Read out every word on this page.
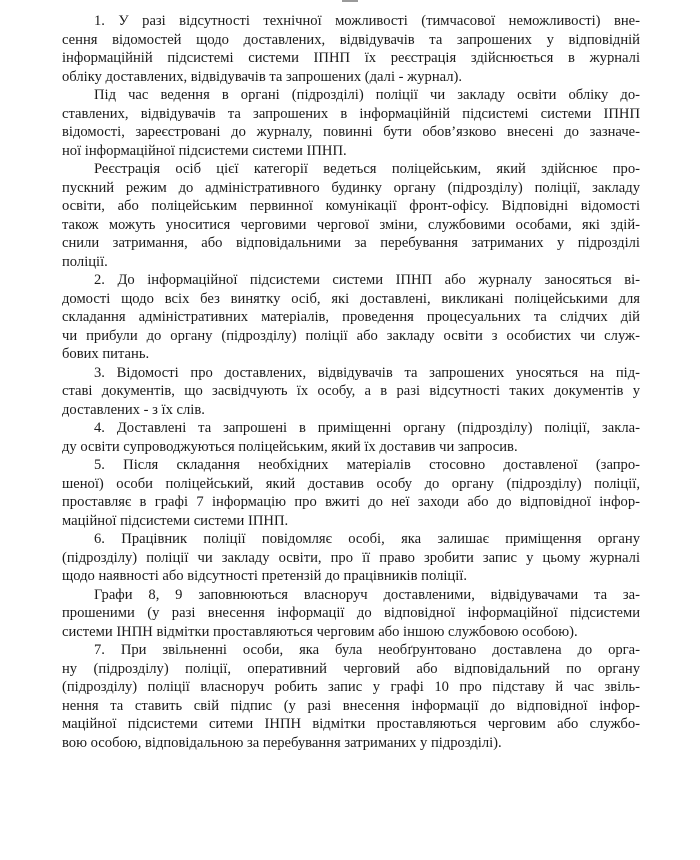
1. У разі відсутності технічної можливості (тимчасової неможливості) вне-
сення відомостей щодо доставлених, відвідувачів та запрошених у відповідній
інформаційній підсистемі системи ІПНП їх реєстрація здійснюється в журналі
обліку доставлених, відвідувачів та запрошених (далі - журнал).
Під час ведення в органі (підрозділі) поліції чи закладу освіти обліку до-
ставлених, відвідувачів та запрошених в інформаційній підсистемі системи ІПНП
відомості, зареєстровані до журналу, повинні бути обов’язково внесені до зазначе-
ної інформаційної підсистеми системи ІПНП.
Реєстрація осіб цієї категорії ведеться поліцейським, який здійснює про-
пускний режим до адміністративного будинку органу (підрозділу) поліції, закладу
освіти, або поліцейським первинної комунікації фронт-офісу. Відповідні відомості
також можуть уноситися черговими чергової зміни, службовими особами, які здій-
снили затримання, або відповідальними за перебування затриманих у підрозділі
поліції.
2. До інформаційної підсистеми системи ІПНП або журналу заносяться ві-
домості щодо всіх без винятку осіб, які доставлені, викликані поліцейськими для
складання адміністративних матеріалів, проведення процесуальних та слідчих дій
чи прибули до органу (підрозділу) поліції або закладу освіти з особистих чи служ-
бових питань.
3. Відомості про доставлених, відвідувачів та запрошених уносяться на під-
ставі документів, що засвідчують їх особу, а в разі відсутності таких документів у
доставлених - з їх слів.
4. Доставлені та запрошені в приміщенні органу (підрозділу) поліції, закла-
ду освіти супроводжуються поліцейським, який їх доставив чи запросив.
5. Після складання необхідних матеріалів стосовно доставленої (запро-
шеної) особи поліцейський, який доставив особу до органу (підрозділу) поліції,
проставляє в графі 7 інформацію про вжиті до неї заходи або до відповідної інфор-
маційної підсистеми системи ІПНП.
6. Працівник поліції повідомляє особі, яка залишає приміщення органу
(підрозділу) поліції чи закладу освіти, про її право зробити запис у цьому журналі
щодо наявності або відсутності претензій до працівників поліції.
Графи 8, 9 заповнюються власноруч доставленими, відвідувачами та за-
прошеними (у разі внесення інформації до відповідної інформаційної підсистеми
системи ІНПН відмітки проставляються черговим або іншою службовою особою).
7. При звільненні особи, яка була необґрунтовано доставлена до орга-
ну (підрозділу) поліції, оперативний черговий або відповідальний по органу
(підрозділу) поліції власноруч робить запис у графі 10 про підставу й час звіль-
нення та ставить свій підпис (у разі внесення інформації до відповідної інфор-
маційної підсистеми ситеми ІНПН відмітки проставляються черговим або службо-
вою особою, відповідальною за перебування затриманих у підрозділі).
